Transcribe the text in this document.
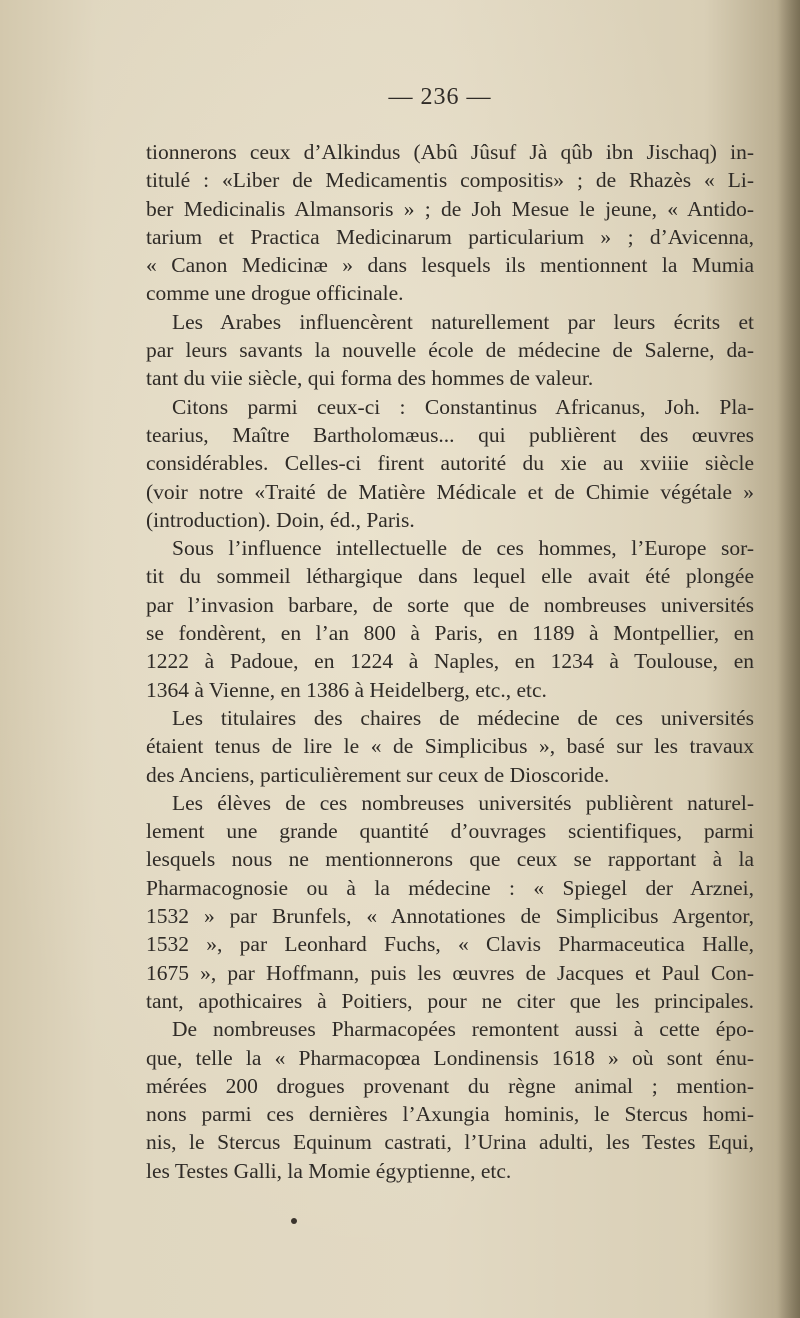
— 236 —
tionnerons ceux d’Alkindus (Abû Jûsuf Jà qûb ibn Jischaq) in-
titulé : «Liber de Medicamentis compositis» ; de Rhazès « Li-
ber Medicinalis Almansoris » ; de Joh Mesue le jeune, « Antido-
tarium et Practica Medicinarum particularium » ; d’Avicenna,
« Canon Medicinæ » dans lesquels ils mentionnent la Mumia
comme une drogue officinale.
Les Arabes influencèrent naturellement par leurs écrits et
par leurs savants la nouvelle école de médecine de Salerne, da-
tant du viie siècle, qui forma des hommes de valeur.
Citons parmi ceux-ci : Constantinus Africanus, Joh. Pla-
tearius, Maître Bartholomæus... qui publièrent des œuvres
considérables. Celles-ci firent autorité du xie au xviiie siècle
(voir notre «Traité de Matière Médicale et de Chimie végétale »
(introduction). Doin, éd., Paris.
Sous l’influence intellectuelle de ces hommes, l’Europe sor-
tit du sommeil léthargique dans lequel elle avait été plongée
par l’invasion barbare, de sorte que de nombreuses universités
se fondèrent, en l’an 800 à Paris, en 1189 à Montpellier, en
1222 à Padoue, en 1224 à Naples, en 1234 à Toulouse, en
1364 à Vienne, en 1386 à Heidelberg, etc., etc.
Les titulaires des chaires de médecine de ces universités
étaient tenus de lire le « de Simplicibus », basé sur les travaux
des Anciens, particulièrement sur ceux de Dioscoride.
Les élèves de ces nombreuses universités publièrent naturel-
lement une grande quantité d’ouvrages scientifiques, parmi
lesquels nous ne mentionnerons que ceux se rapportant à la
Pharmacognosie ou à la médecine : « Spiegel der Arznei,
1532 » par Brunfels, « Annotationes de Simplicibus Argentor,
1532 », par Leonhard Fuchs, « Clavis Pharmaceutica Halle,
1675 », par Hoffmann, puis les œuvres de Jacques et Paul Con-
tant, apothicaires à Poitiers, pour ne citer que les principales.
De nombreuses Pharmacopées remontent aussi à cette épo-
que, telle la « Pharmacopœa Londinensis 1618 » où sont énu-
mérées 200 drogues provenant du règne animal ; mention-
nons parmi ces dernières l’Axungia hominis, le Stercus homi-
nis, le Stercus Equinum castrati, l’Urina adulti, les Testes Equi,
les Testes Galli, la Momie égyptienne, etc.
